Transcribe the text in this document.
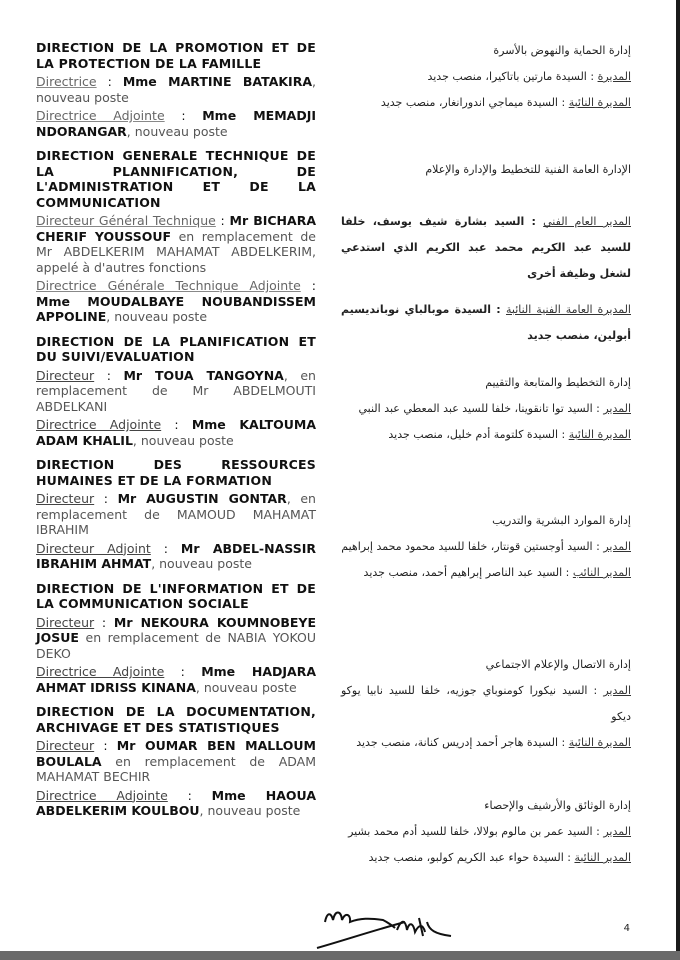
DIRECTION DE LA PROMOTION ET DE LA PROTECTION DE LA FAMILLE
Directrice : Mme MARTINE BATAKIRA, nouveau poste
Directrice Adjointe : Mme MEMADJI NDORANGAR, nouveau poste
DIRECTION GENERALE TECHNIQUE DE LA PLANNIFICATION, DE L'ADMINISTRATION ET DE LA COMMUNICATION
Directeur Général Technique : Mr BICHARA CHERIF YOUSSOUF en remplacement de Mr ABDELKERIM MAHAMAT ABDELKERIM, appelé à d'autres fonctions
Directrice Générale Technique Adjointe : Mme MOUDALBAYE NOUBANDISSEM APPOLINE, nouveau poste
DIRECTION DE LA PLANIFICATION ET DU SUIVI/EVALUATION
Directeur : Mr TOUA TANGOYNA, en remplacement de Mr ABDELMOUTI ABDELKANI
Directrice Adjointe : Mme KALTOUMA ADAM KHALIL, nouveau poste
DIRECTION DES RESSOURCES HUMAINES ET DE LA FORMATION
Directeur : Mr AUGUSTIN GONTAR, en remplacement de MAMOUD MAHAMAT IBRAHIM
Directeur Adjoint : Mr ABDEL-NASSIR IBRAHIM AHMAT, nouveau poste
DIRECTION DE L'INFORMATION ET DE LA COMMUNICATION SOCIALE
Directeur : Mr NEKOURA KOUMNOBEYE JOSUE en remplacement de NABIA YOKOU DEKO
Directrice Adjointe : Mme HADJARA AHMAT IDRISS KINANA, nouveau poste
DIRECTION DE LA DOCUMENTATION, ARCHIVAGE ET DES STATISTIQUES
Directeur : Mr OUMAR BEN MALLOUM BOULALA en remplacement de ADAM MAHAMAT BECHIR
Directrice Adjointe : Mme HAOUA ABDELKERIM KOULBOU, nouveau poste
إدارة الحماية والنهوض بالأسرة
المديرة : السيدة مارتين باتاكيرا، منصب جديد
المديرة النائبة : السيدة ميماجي اندورانغار، منصب جديد
الإدارة العامة الفنية للتخطيط والإدارة والإعلام
المدير العام الفني : السيد بشارة شيف يوسف، خلفا للسيد عبد الكريم محمد عبد الكريم الذي استدعي لشغل وظيفة أخرى
المديرة العامة الفنية النائبة : السيدة موبالباي نوباندیسیم أبولين، منصب جديد
إدارة التخطيط والمتابعة والتقييم
المدير : السيد توا تانقوينا، خلفا للسيد عبد المعطي عبد النبي
المديرة النائبة : السيدة كلتومة أدم خليل، منصب جديد
إدارة الموارد البشرية والتدريب
المدير : السيد أوجستين قونتار، خلفا للسيد محمود محمد إبراهيم
المدير النائب : السيد عبد الناصر إبراهيم أحمد، منصب جديد
إدارة الاتصال والإعلام الاجتماعي
المدير : السيد نيكورا كومنوباي جوزيه، خلفا للسيد نابيا يوكو ديكو
المديرة النائبة : السيدة هاجر أحمد إدريس كنانة، منصب جديد
إدارة الوثائق والأرشيف والإحصاء
المدير : السيد عمر بن مالوم بولالا، خلفا للسيد أدم محمد بشير
المدير النائبة : السيدة حواء عبد الكريم كولبو، منصب جديد
4
